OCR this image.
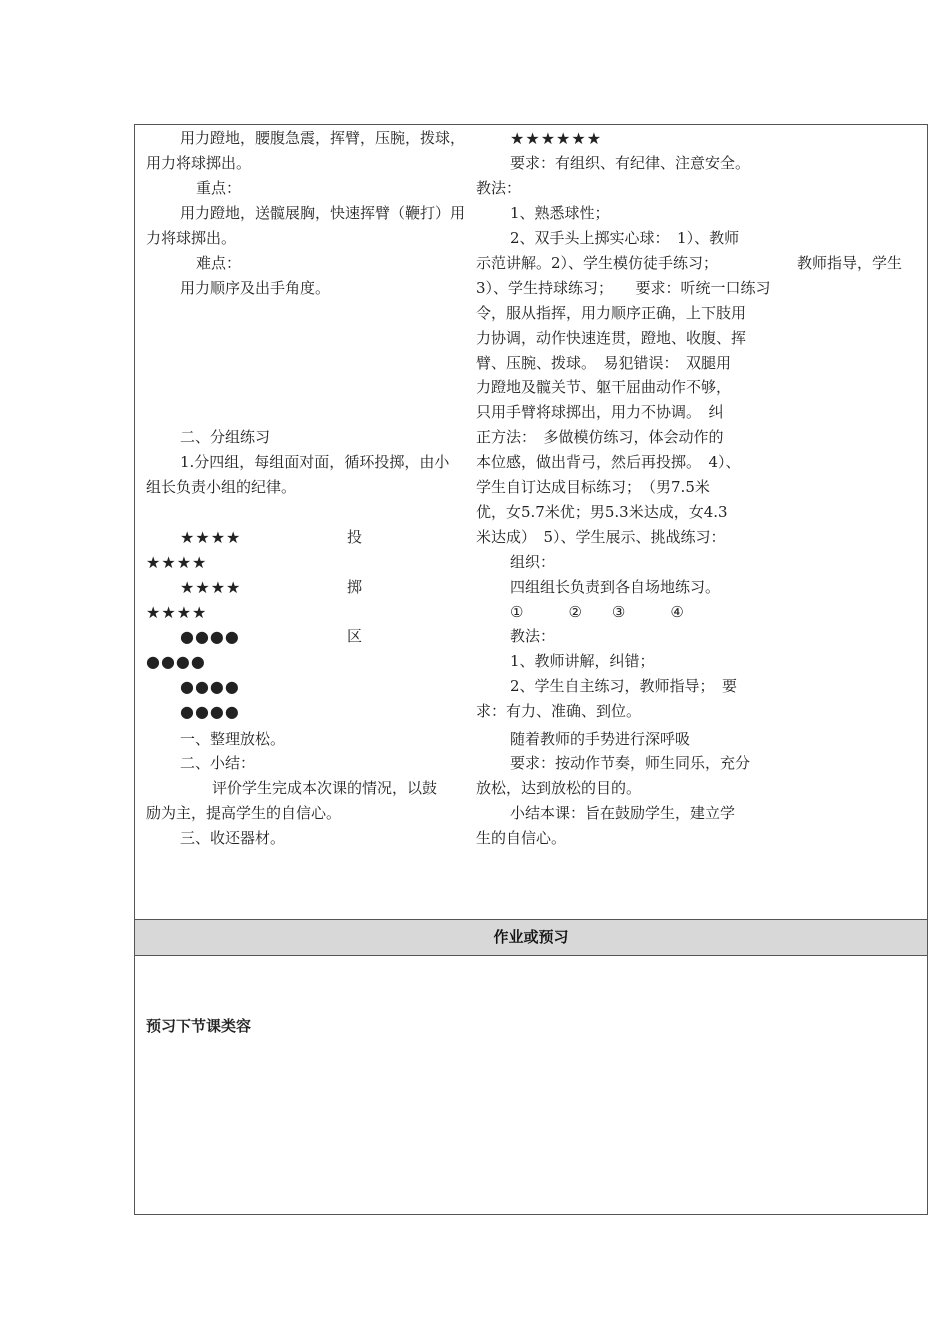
作业或预习
用力蹬地，腰腹急震，挥臂，压腕，拨球，
用力将球掷出。
重点：
用力蹬地，送髋展胸，快速挥臂（鞭打）用
力将球掷出。
难点：
用力顺序及出手角度。
二、分组练习
1.分四组，每组面对面，循环投掷，由小
组长负责小组的纪律。
★★★★	投
★★★★
★★★★	掷
★★★★
●●●●	区
●●●●
●●●●
●●●●
一、整理放松。
二、小结：
评价学生完成本次课的情况，以鼓
励为主，提高学生的自信心。
三、收还器材。
★★★★★★
要求：有组织、有纪律、注意安全。
教法：
1、熟悉球性；
2、双手头上掷实心球：　1）、教师
示范讲解。2）、学生模仿徒手练习；	教师指导，学生
3）、学生持球练习；　　要求：听统一口练习
令，服从指挥，用力顺序正确，上下肢用
力协调，动作快速连贯，蹬地、收腹、挥
臂、压腕、拨球。　易犯错误：　双腿用
力蹬地及髋关节、躯干屈曲动作不够，
只用手臂将球掷出，用力不协调。　纠
正方法：　多做模仿练习，体会动作的
本位感，做出背弓，然后再投掷。　4）、
学生自订达成目标练习；　（男7.5米
优，女5.7米优；男5.3米达成，女4.3
米达成）　5）、学生展示、挑战练习：
组织：
四组组长负责到各自场地练习。
①　　　②　　③　　　④
教法：
1、教师讲解，纠错；
2、学生自主练习，教师指导；　要
求：有力、准确、到位。
随着教师的手势进行深呼吸
要求：按动作节奏，师生同乐，充分
放松，达到放松的目的。
小结本课：旨在鼓励学生，建立学
生的自信心。
预习下节课类容
